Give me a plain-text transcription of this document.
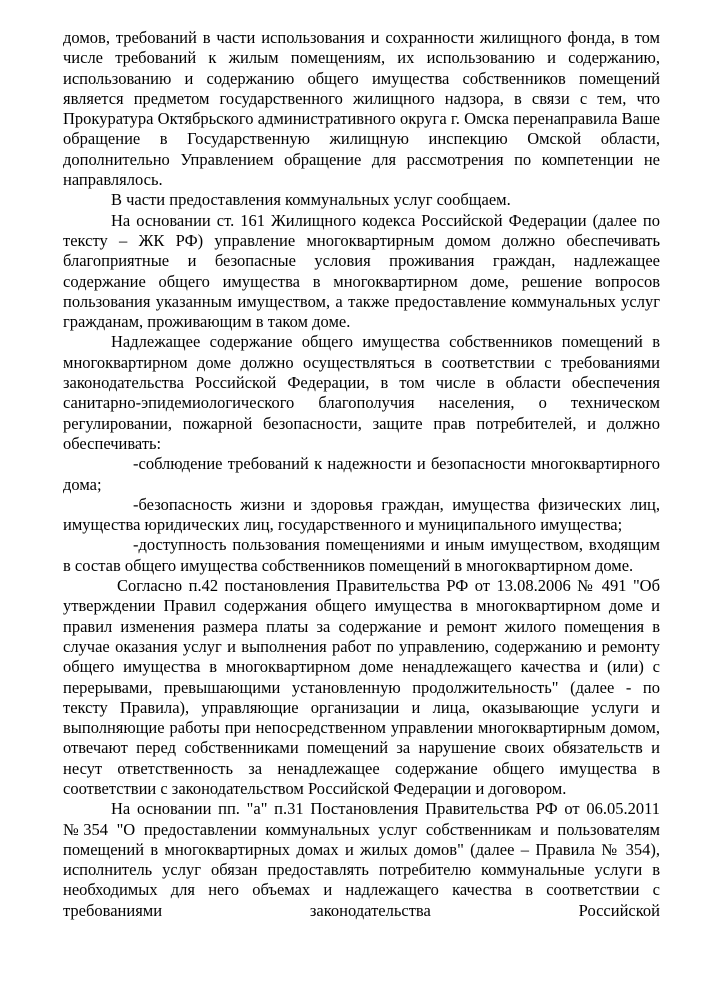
домов, требований в части использования и сохранности жилищного фонда, в том числе требований к жилым помещениям, их использованию и содержанию, использованию и содержанию общего имущества собственников помещений является предметом государственного жилищного надзора, в связи с тем, что Прокуратура Октябрьского административного округа г. Омска перенаправила Ваше обращение в Государственную жилищную инспекцию Омской области, дополнительно Управлением обращение для рассмотрения по компетенции не направлялось.

В части предоставления коммунальных услуг сообщаем.

На основании ст. 161 Жилищного кодекса Российской Федерации (далее по тексту – ЖК РФ) управление многоквартирным домом должно обеспечивать благоприятные и безопасные условия проживания граждан, надлежащее содержание общего имущества в многоквартирном доме, решение вопросов пользования указанным имуществом, а также предоставление коммунальных услуг гражданам, проживающим в таком доме.

Надлежащее содержание общего имущества собственников помещений в многоквартирном доме должно осуществляться в соответствии с требованиями законодательства Российской Федерации, в том числе в области обеспечения санитарно-эпидемиологического благополучия населения, о техническом регулировании, пожарной безопасности, защите прав потребителей, и должно обеспечивать:

-соблюдение требований к надежности и безопасности многоквартирного дома;

-безопасность жизни и здоровья граждан, имущества физических лиц, имущества юридических лиц, государственного и муниципального имущества;

-доступность пользования помещениями и иным имуществом, входящим в состав общего имущества собственников помещений в многоквартирном доме.

Согласно п.42 постановления Правительства РФ от 13.08.2006 № 491 "Об утверждении Правил содержания общего имущества в многоквартирном доме и правил изменения размера платы за содержание и ремонт жилого помещения в случае оказания услуг и выполнения работ по управлению, содержанию и ремонту общего имущества в многоквартирном доме ненадлежащего качества и (или) с перерывами, превышающими установленную продолжительность" (далее - по тексту Правила), управляющие организации и лица, оказывающие услуги и выполняющие работы при непосредственном управлении многоквартирным домом, отвечают перед собственниками помещений за нарушение своих обязательств и несут ответственность за ненадлежащее содержание общего имущества в соответствии с законодательством Российской Федерации и договором.

На основании пп. "а" п.31 Постановления Правительства РФ от 06.05.2011 №354 "О предоставлении коммунальных услуг собственникам и пользователям помещений в многоквартирных домах и жилых домов" (далее – Правила № 354), исполнитель услуг обязан предоставлять потребителю коммунальные услуги в необходимых для него объемах и надлежащего качества в соответствии с требованиями законодательства Российской
